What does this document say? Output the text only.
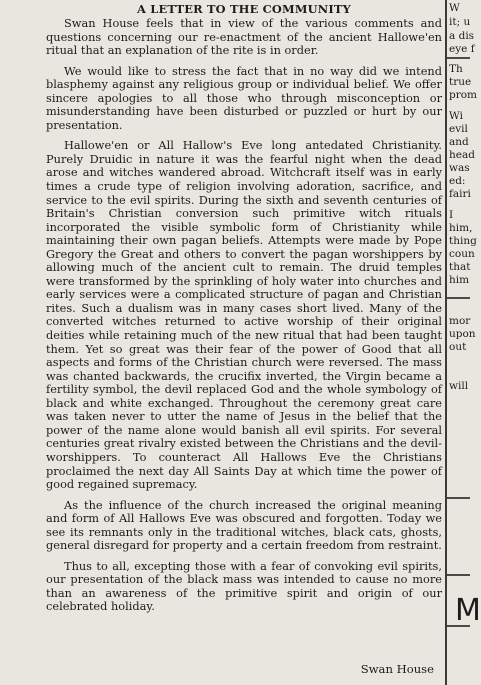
A LETTER TO THE COMMUNITY

Swan House feels that in view of the various comments and questions concerning our re-enactment of the ancient Hallowe'en ritual that an explanation of the rite is in order.

We would like to stress the fact that in no way did we intend blasphemy against any religious group or individual belief. We offer sincere apologies to all those who through misconception or misunderstanding have been disturbed or puzzled or hurt by our presentation.

Hallowe'en or All Hallow's Eve long antedated Christianity. Purely Druidic in nature it was the fearful night when the dead arose and witches wandered abroad. Witchcraft itself was in early times a crude type of religion involving adoration, sacrifice, and service to the evil spirits. During the sixth and seventh centuries of Britain's Christian conversion such primitive witch rituals incorporated the visible symbolic form of Christianity while maintaining their own pagan beliefs. Attempts were made by Pope Gregory the Great and others to convert the pagan worshippers by allowing much of the ancient cult to remain. The druid temples were transformed by the sprinkling of holy water into churches and early services were a complicated structure of pagan and Christian rites. Such a dualism was in many cases short lived. Many of the converted witches returned to active worship of their original deities while retaining much of the new ritual that had been taught them. Yet so great was their fear of the power of Good that all aspects and forms of the Christian church were reversed. The mass was chanted backwards, the crucifix inverted, the Virgin became a fertility symbol, the devil replaced God and the whole symbology of black and white exchanged. Throughout the ceremony great care was taken never to utter the name of Jesus in the belief that the power of the name alone would banish all evil spirits. For several centuries great rivalry existed between the Christians and the devil-worshippers. To counteract All Hallows Eve the Christians proclaimed the next day All Saints Day at which time the power of good regained supremacy.

As the influence of the church increased the original meaning and form of All Hallows Eve was obscured and forgotten. Today we see its remnants only in the traditional witches, black cats, ghosts, general disregard for property and a certain freedom from restraint.

Thus to all, excepting those with a fear of convoking evil spirits, our presentation of the black mass was intended to cause no more than an awareness of the primitive spirit and origin of our celebrated holiday.

Swan House
W
it; u
a dis
eye f
Th
true
prom
Wi
evil
and
head
was
ed:
fairi
I
him,
thing
coun
that
him
mor
upon
out
will
M
